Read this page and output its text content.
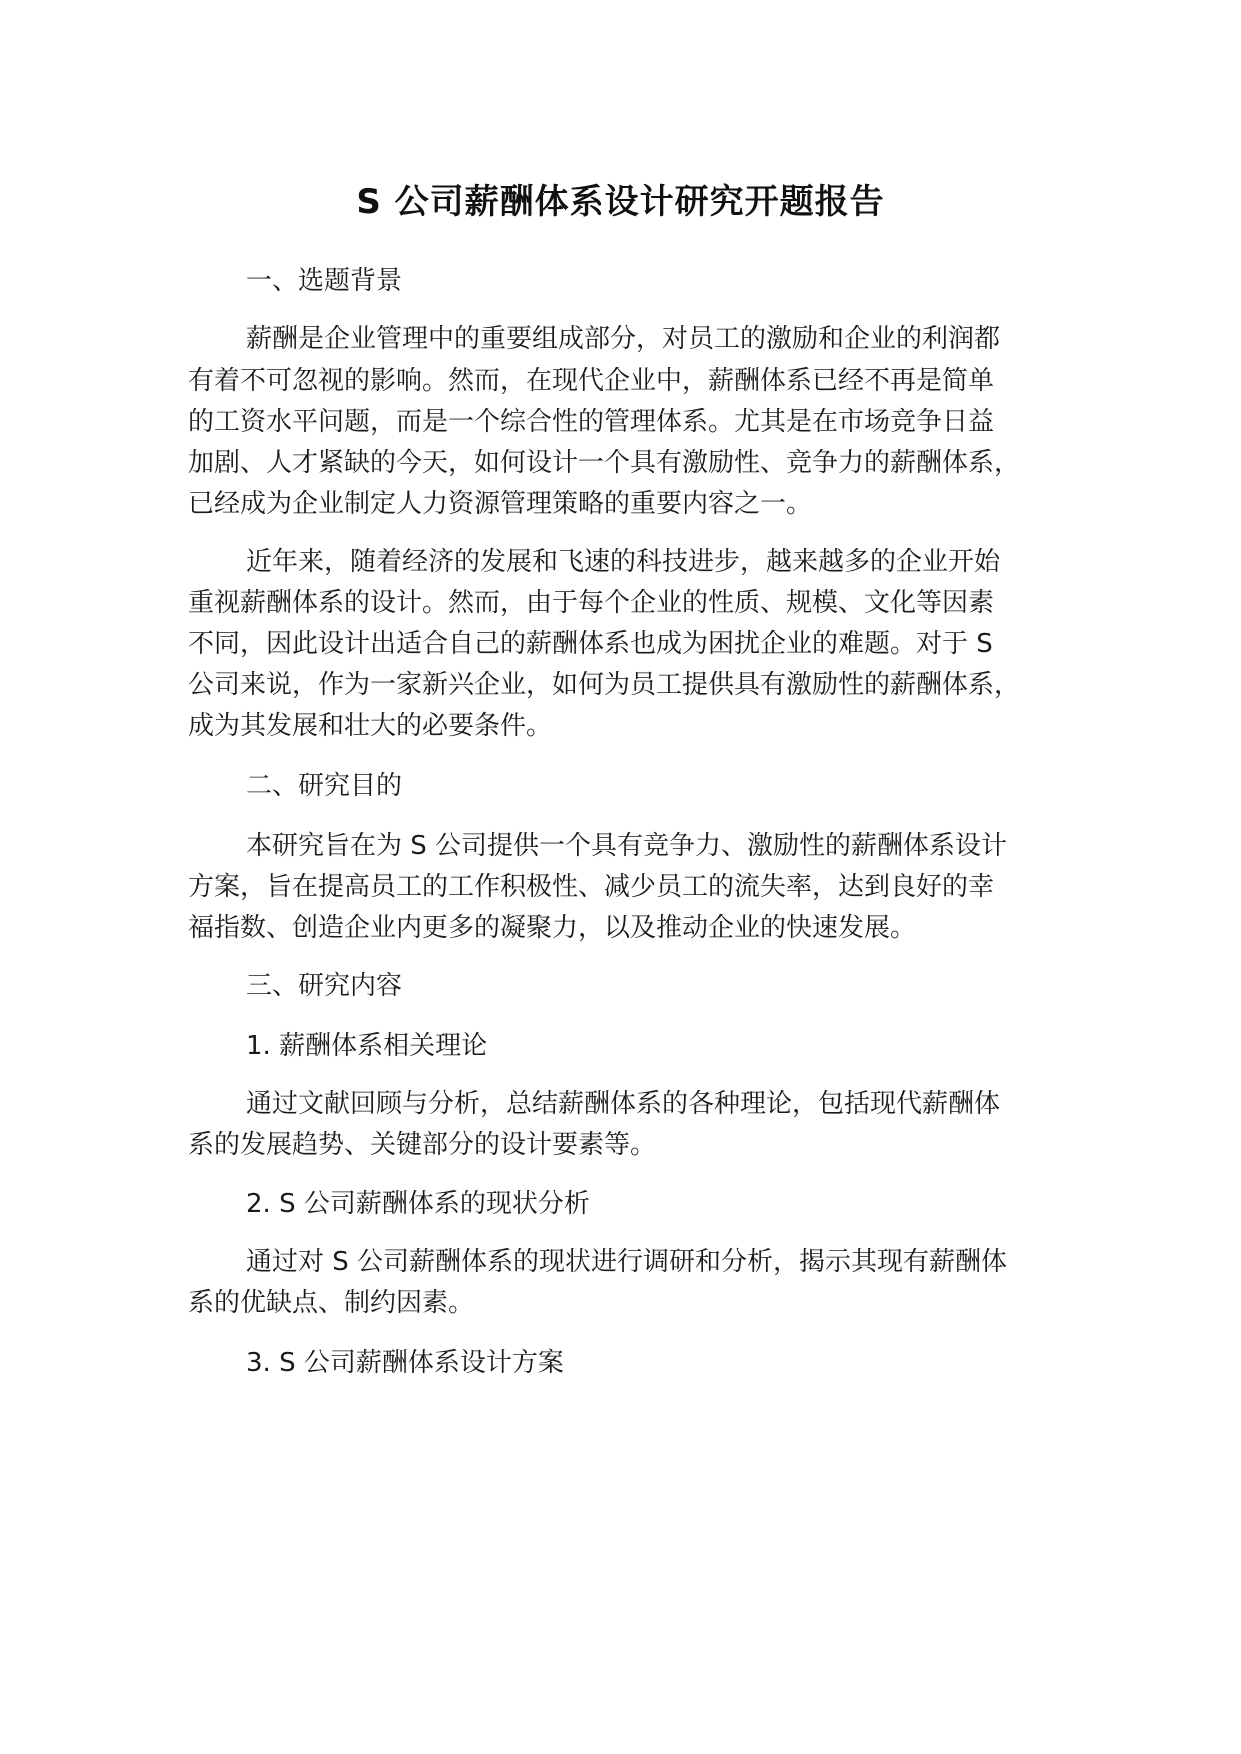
S 公司薪酬体系设计研究开题报告
一、选题背景
薪酬是企业管理中的重要组成部分，对员工的激励和企业的利润都
有着不可忽视的影响。然而，在现代企业中，薪酬体系已经不再是简单
的工资水平问题，而是一个综合性的管理体系。尤其是在市场竞争日益
加剧、人才紧缺的今天，如何设计一个具有激励性、竞争力的薪酬体系，
已经成为企业制定人力资源管理策略的重要内容之一。
近年来，随着经济的发展和飞速的科技进步，越来越多的企业开始
重视薪酬体系的设计。然而，由于每个企业的性质、规模、文化等因素
不同，因此设计出适合自己的薪酬体系也成为困扰企业的难题。对于 S
公司来说，作为一家新兴企业，如何为员工提供具有激励性的薪酬体系，
成为其发展和壮大的必要条件。
二、研究目的
本研究旨在为 S 公司提供一个具有竞争力、激励性的薪酬体系设计
方案，旨在提高员工的工作积极性、减少员工的流失率，达到良好的幸
福指数、创造企业内更多的凝聚力，以及推动企业的快速发展。
三、研究内容
1. 薪酬体系相关理论
通过文献回顾与分析，总结薪酬体系的各种理论，包括现代薪酬体
系的发展趋势、关键部分的设计要素等。
2. S 公司薪酬体系的现状分析
通过对 S 公司薪酬体系的现状进行调研和分析，揭示其现有薪酬体
系的优缺点、制约因素。
3. S 公司薪酬体系设计方案
